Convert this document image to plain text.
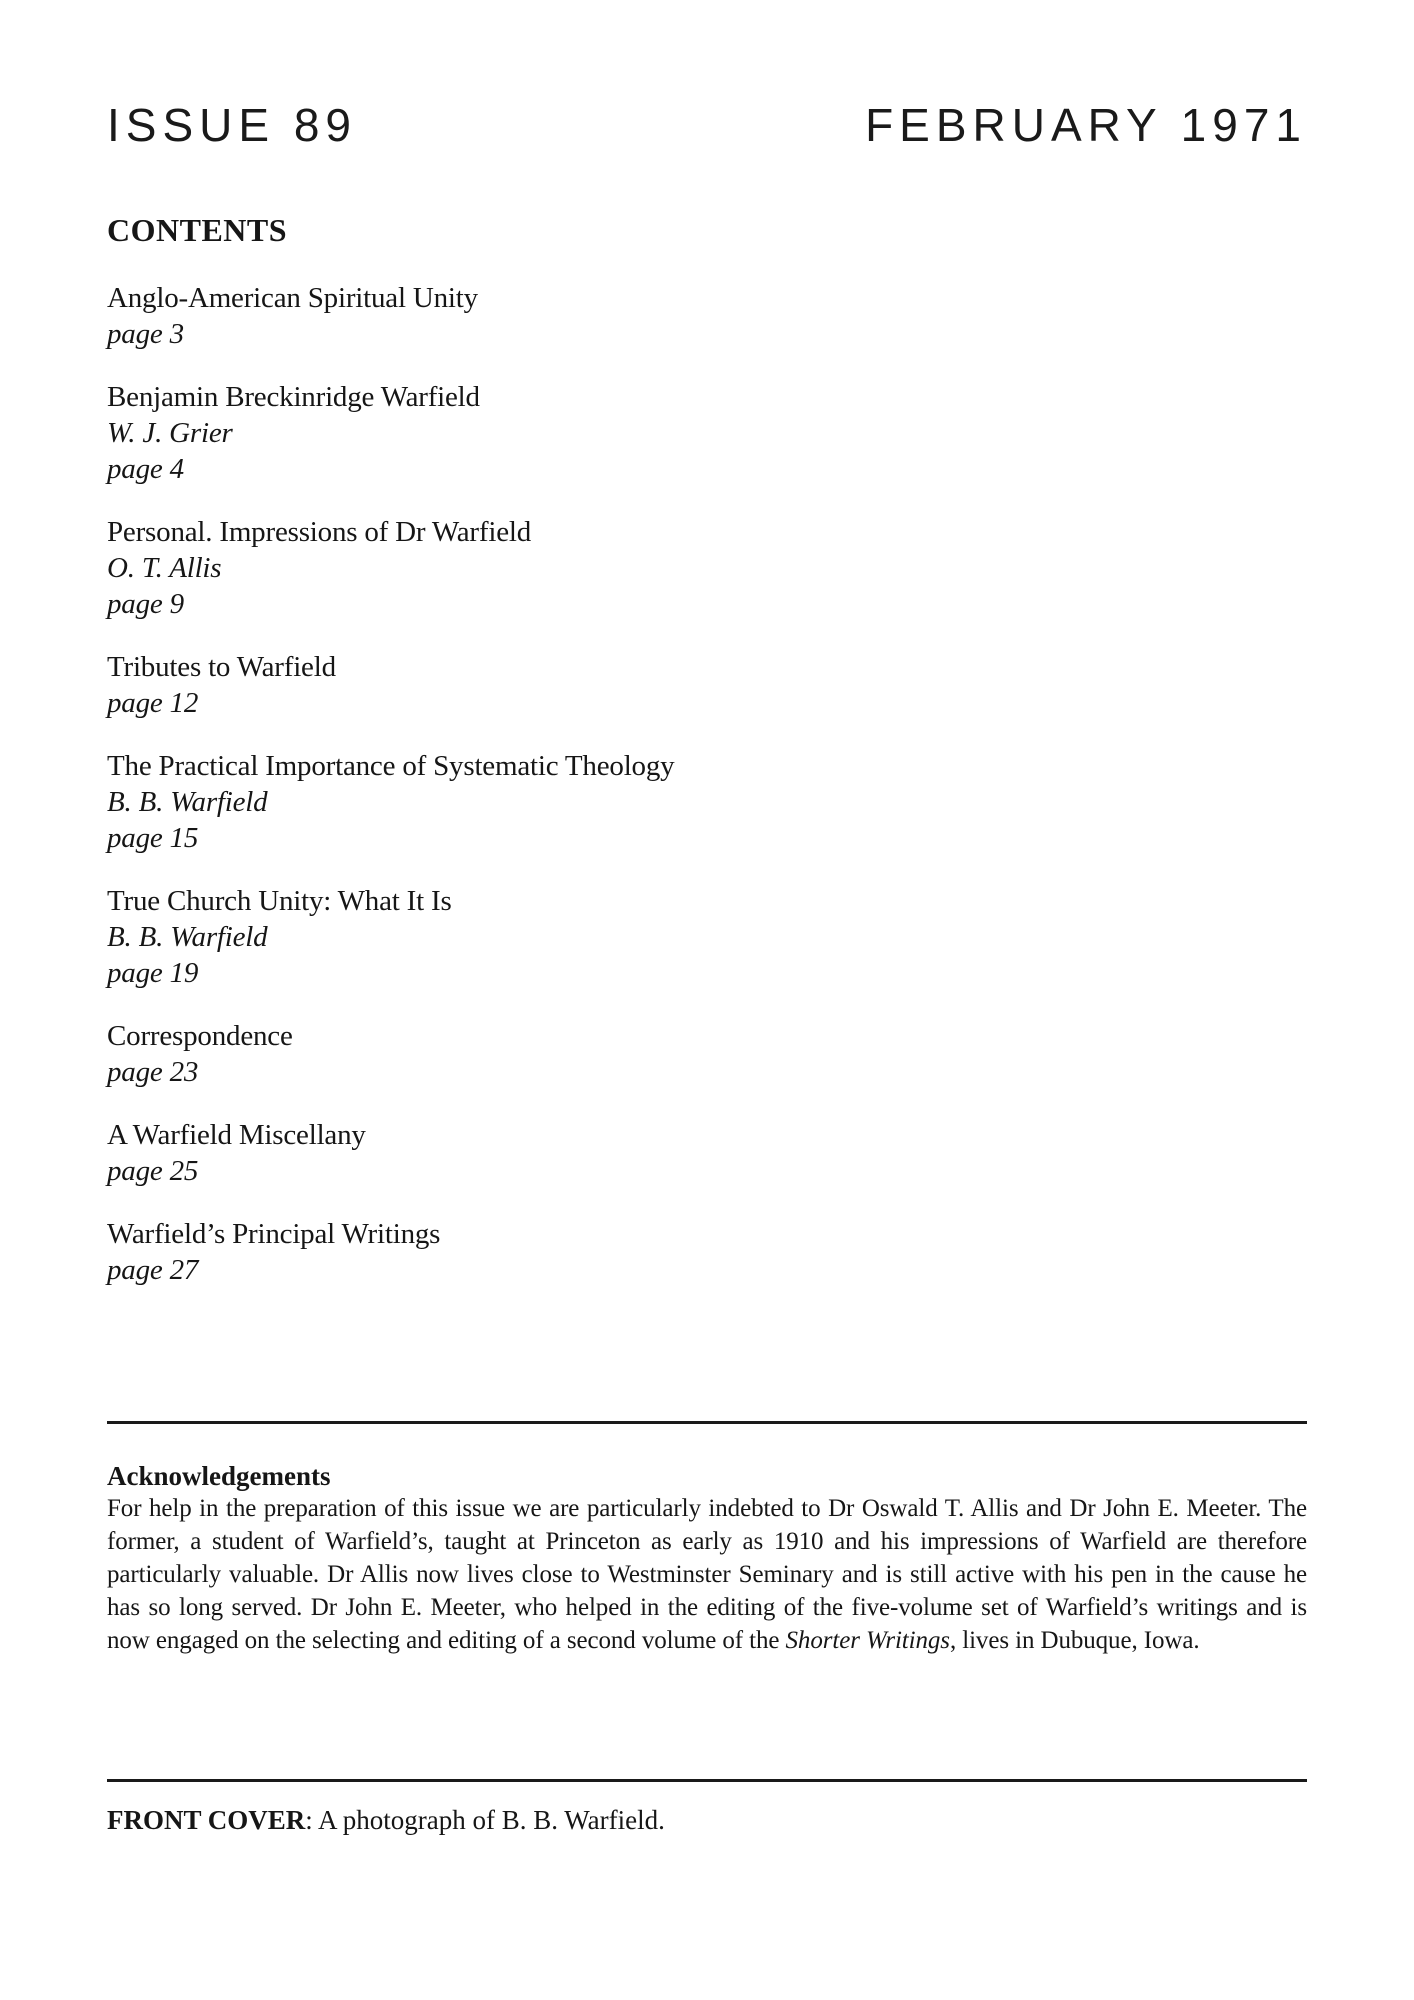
ISSUE 89	FEBRUARY 1971
CONTENTS
Anglo-American Spiritual Unity
page 3
Benjamin Breckinridge Warfield
W. J. Grier
page 4
Personal. Impressions of Dr Warfield
O. T. Allis
page 9
Tributes to Warfield
page 12
The Practical Importance of Systematic Theology
B. B. Warfield
page 15
True Church Unity: What It Is
B. B. Warfield
page 19
Correspondence
page 23
A Warfield Miscellany
page 25
Warfield’s Principal Writings
page 27
Acknowledgements
For help in the preparation of this issue we are particularly indebted to Dr Oswald T. Allis and Dr John E. Meeter. The former, a student of Warfield’s, taught at Princeton as early as 1910 and his impressions of Warfield are therefore particularly valuable. Dr Allis now lives close to Westminster Seminary and is still active with his pen in the cause he has so long served. Dr John E. Meeter, who helped in the editing of the five-volume set of Warfield’s writings and is now engaged on the selecting and editing of a second volume of the Shorter Writings, lives in Dubuque, Iowa.
FRONT COVER: A photograph of B. B. Warfield.
